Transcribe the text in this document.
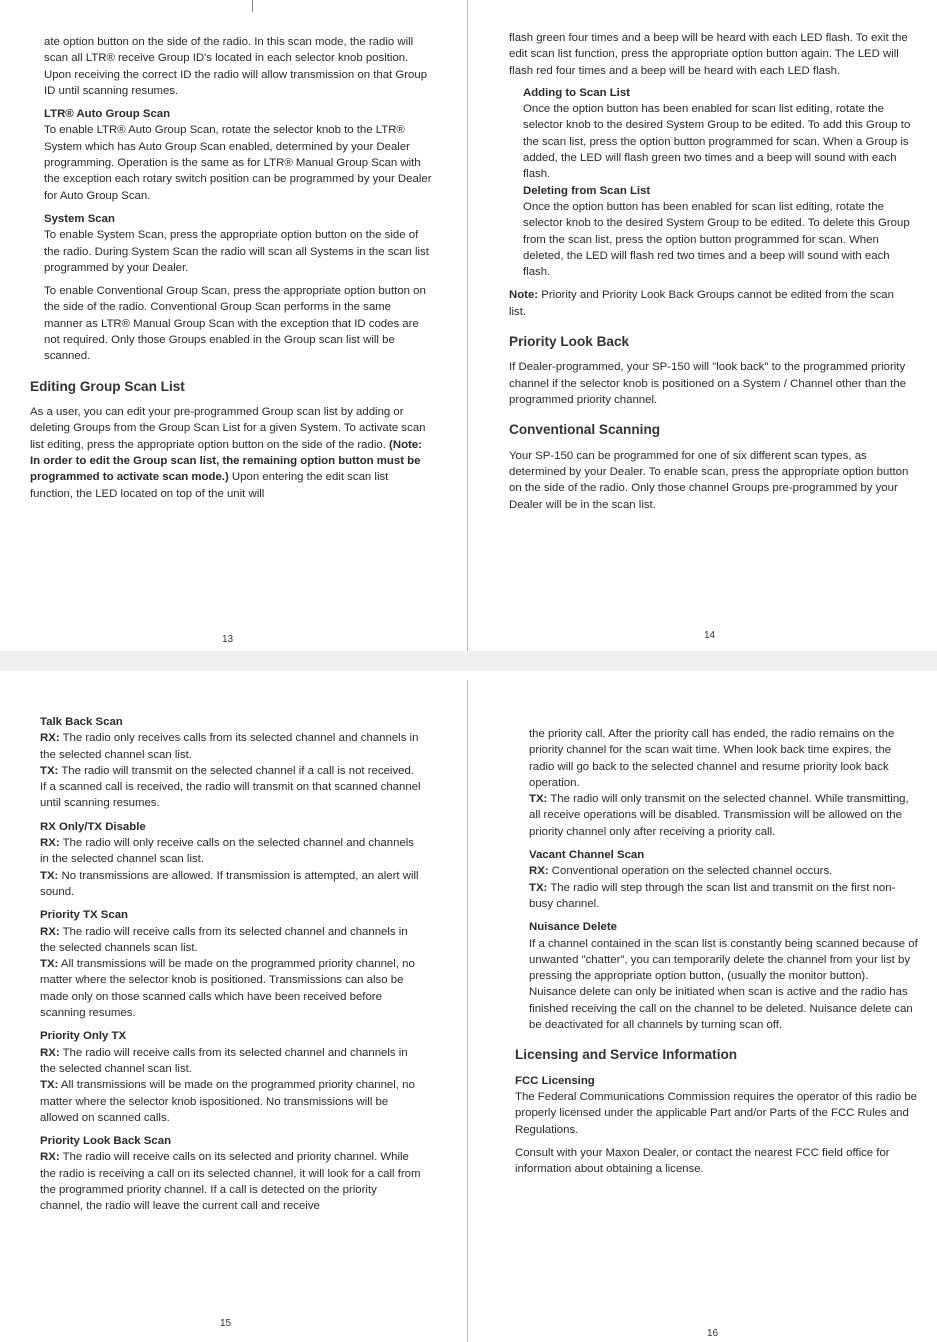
ate option button on the side of the radio. In this scan mode, the radio will scan all LTR® receive Group ID's located in each selector knob position. Upon receiving the correct ID the radio will allow transmission on that Group ID until scanning resumes.

LTR® Auto Group Scan

To enable LTR® Auto Group Scan, rotate the selector knob to the LTR® System which has Auto Group Scan enabled, determined by your Dealer programming. Operation is the same as for LTR® Manual Group Scan with the exception each rotary switch position can be programmed by your Dealer for Auto Group Scan.

System Scan

To enable System Scan, press the appropriate option button on the side of the radio. During System Scan the radio will scan all Systems in the scan list programmed by your Dealer.

To enable Conventional Group Scan, press the appropriate option button on the side of the radio. Conventional Group Scan performs in the same manner as LTR® Manual Group Scan with the exception that ID codes are not required. Only those Groups enabled in the Group scan list will be scanned.

Editing Group Scan List

As a user, you can edit your pre-programmed Group scan list by adding or deleting Groups from the Group Scan List for a given System. To activate scan list editing, press the appropriate option button on the side of the radio. (Note: In order to edit the Group scan list, the remaining option button must be programmed to activate scan mode.) Upon entering the edit scan list function, the LED located on top of the unit will

13

flash green four times and a beep will be heard with each LED flash. To exit the edit scan list function, press the appropriate option button again. The LED will flash red four times and a beep will be heard with each LED flash.

Adding to Scan List

Once the option button has been enabled for scan list editing, rotate the selector knob to the desired System Group to be edited. To add this Group to the scan list, press the option button programmed for scan. When a Group is added, the LED will flash green two times and a beep will sound with each flash.

Deleting from Scan List

Once the option button has been enabled for scan list editing, rotate the selector knob to the desired System Group to be edited. To delete this Group from the scan list, press the option button programmed for scan. When deleted, the LED will flash red two times and a beep will sound with each flash.

Note: Priority and Priority Look Back Groups cannot be edited from the scan list.

Priority Look Back

If Dealer-programmed, your SP-150 will "look back" to the programmed priority channel if the selector knob is positioned on a System / Channel other than the programmed priority channel.

Conventional Scanning

Your SP-150 can be programmed for one of six different scan types, as determined by your Dealer. To enable scan, press the appropriate option button on the side of the radio. Only those channel Groups pre-programmed by your Dealer will be in the scan list.

14
Talk Back Scan

RX: The radio only receives calls from its selected channel and channels in the selected channel scan list.

TX: The radio will transmit on the selected channel if a call is not received. If a scanned call is received, the radio will transmit on that scanned channel until scanning resumes.

RX Only/TX Disable

RX: The radio will only receive calls on the selected channel and channels in the selected channel scan list.

TX: No transmissions are allowed. If transmission is attempted, an alert will sound.

Priority TX Scan

RX: The radio will receive calls from its selected channel and channels in the selected channels scan list.

TX: All transmissions will be made on the programmed priority channel, no matter where the selector knob is positioned. Transmissions can also be made only on those scanned calls which have been received before scanning resumes.

Priority Only TX

RX: The radio will receive calls from its selected channel and channels in the selected channel scan list.

TX: All transmissions will be made on the programmed priority channel, no matter where the selector knob ispositioned. No transmissions will be allowed on scanned calls.

Priority Look Back Scan

RX: The radio will receive calls on its selected and priority channel. While the radio is receiving a call on its selected channel, it will look for a call from the programmed priority channel. If a call is detected on the priority channel, the radio will leave the current call and receive

15

the priority call. After the priority call has ended, the radio remains on the priority channel for the scan wait time. When look back time expires, the radio will go back to the selected channel and resume priority look back operation.

TX: The radio will only transmit on the selected channel. While transmitting, all receive operations will be disabled. Transmission will be allowed on the priority channel only after receiving a priority call.

Vacant Channel Scan

RX: Conventional operation on the selected channel occurs.

TX: The radio will step through the scan list and transmit on the first non-busy channel.

Nuisance Delete

If a channel contained in the scan list is constantly being scanned because of unwanted "chatter", you can temporarily delete the channel from your list by pressing the appropriate option button, (usually the monitor button). Nuisance delete can only be initiated when scan is active and the radio has finished receiving the call on the channel to be deleted. Nuisance delete can be deactivated for all channels by turning scan off.

Licensing and Service Information
FCC Licensing

The Federal Communications Commission requires the operator of this radio be properly licensed under the applicable Part and/or Parts of the FCC Rules and Regulations.

Consult with your Maxon Dealer, or contact the nearest FCC field office for information about obtaining a license.

16
